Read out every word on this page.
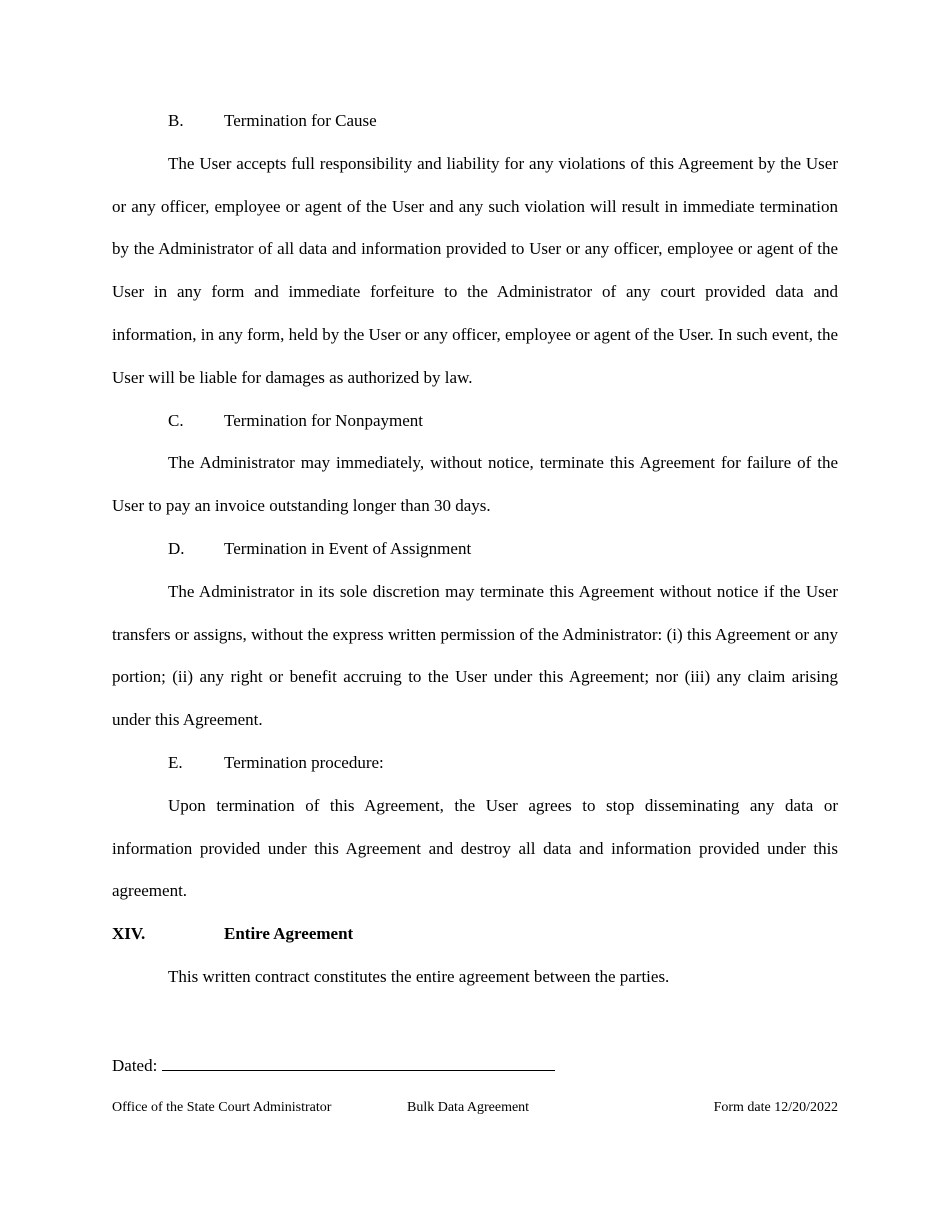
B. Termination for Cause

The User accepts full responsibility and liability for any violations of this Agreement by the User or any officer, employee or agent of the User and any such violation will result in immediate termination by the Administrator of all data and information provided to User or any officer, employee or agent of the User in any form and immediate forfeiture to the Administrator of any court provided data and information, in any form, held by the User or any officer, employee or agent of the User. In such event, the User will be liable for damages as authorized by law.

C. Termination for Nonpayment

The Administrator may immediately, without notice, terminate this Agreement for failure of the User to pay an invoice outstanding longer than 30 days.

D. Termination in Event of Assignment

The Administrator in its sole discretion may terminate this Agreement without notice if the User transfers or assigns, without the express written permission of the Administrator: (i) this Agreement or any portion; (ii) any right or benefit accruing to the User under this Agreement; nor (iii) any claim arising under this Agreement.

E. Termination procedure:

Upon termination of this Agreement, the User agrees to stop disseminating any data or information provided under this Agreement and destroy all data and information provided under this agreement.

XIV.	Entire Agreement

This written contract constitutes the entire agreement between the parties.

Dated:
Office of the State Court Administrator	Bulk Data Agreement	Form date 12/20/2022
